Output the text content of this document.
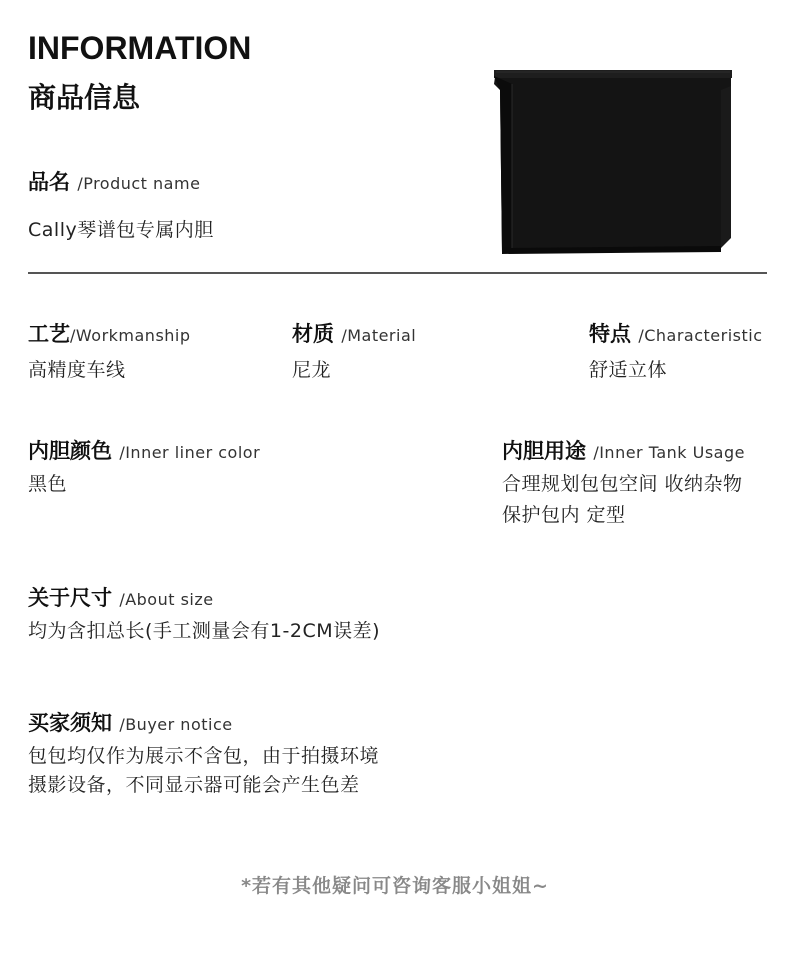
INFORMATION
商品信息
品名 /Product name
Cally琴谱包专属内胆
工艺/Workmanship
高精度车线
材质 /Material
尼龙
特点 /Characteristic
舒适立体
内胆颜色 /Inner liner color
黑色
内胆用途 /Inner Tank Usage
合理规划包包空间 收纳杂物
保护包内 定型
关于尺寸 /About size
均为含扣总长(手工测量会有1-2CM误差)
买家须知 /Buyer notice
包包均仅作为展示不含包，由于拍摄环境
摄影设备，不同显示器可能会产生色差
*若有其他疑问可咨询客服小姐姐~
